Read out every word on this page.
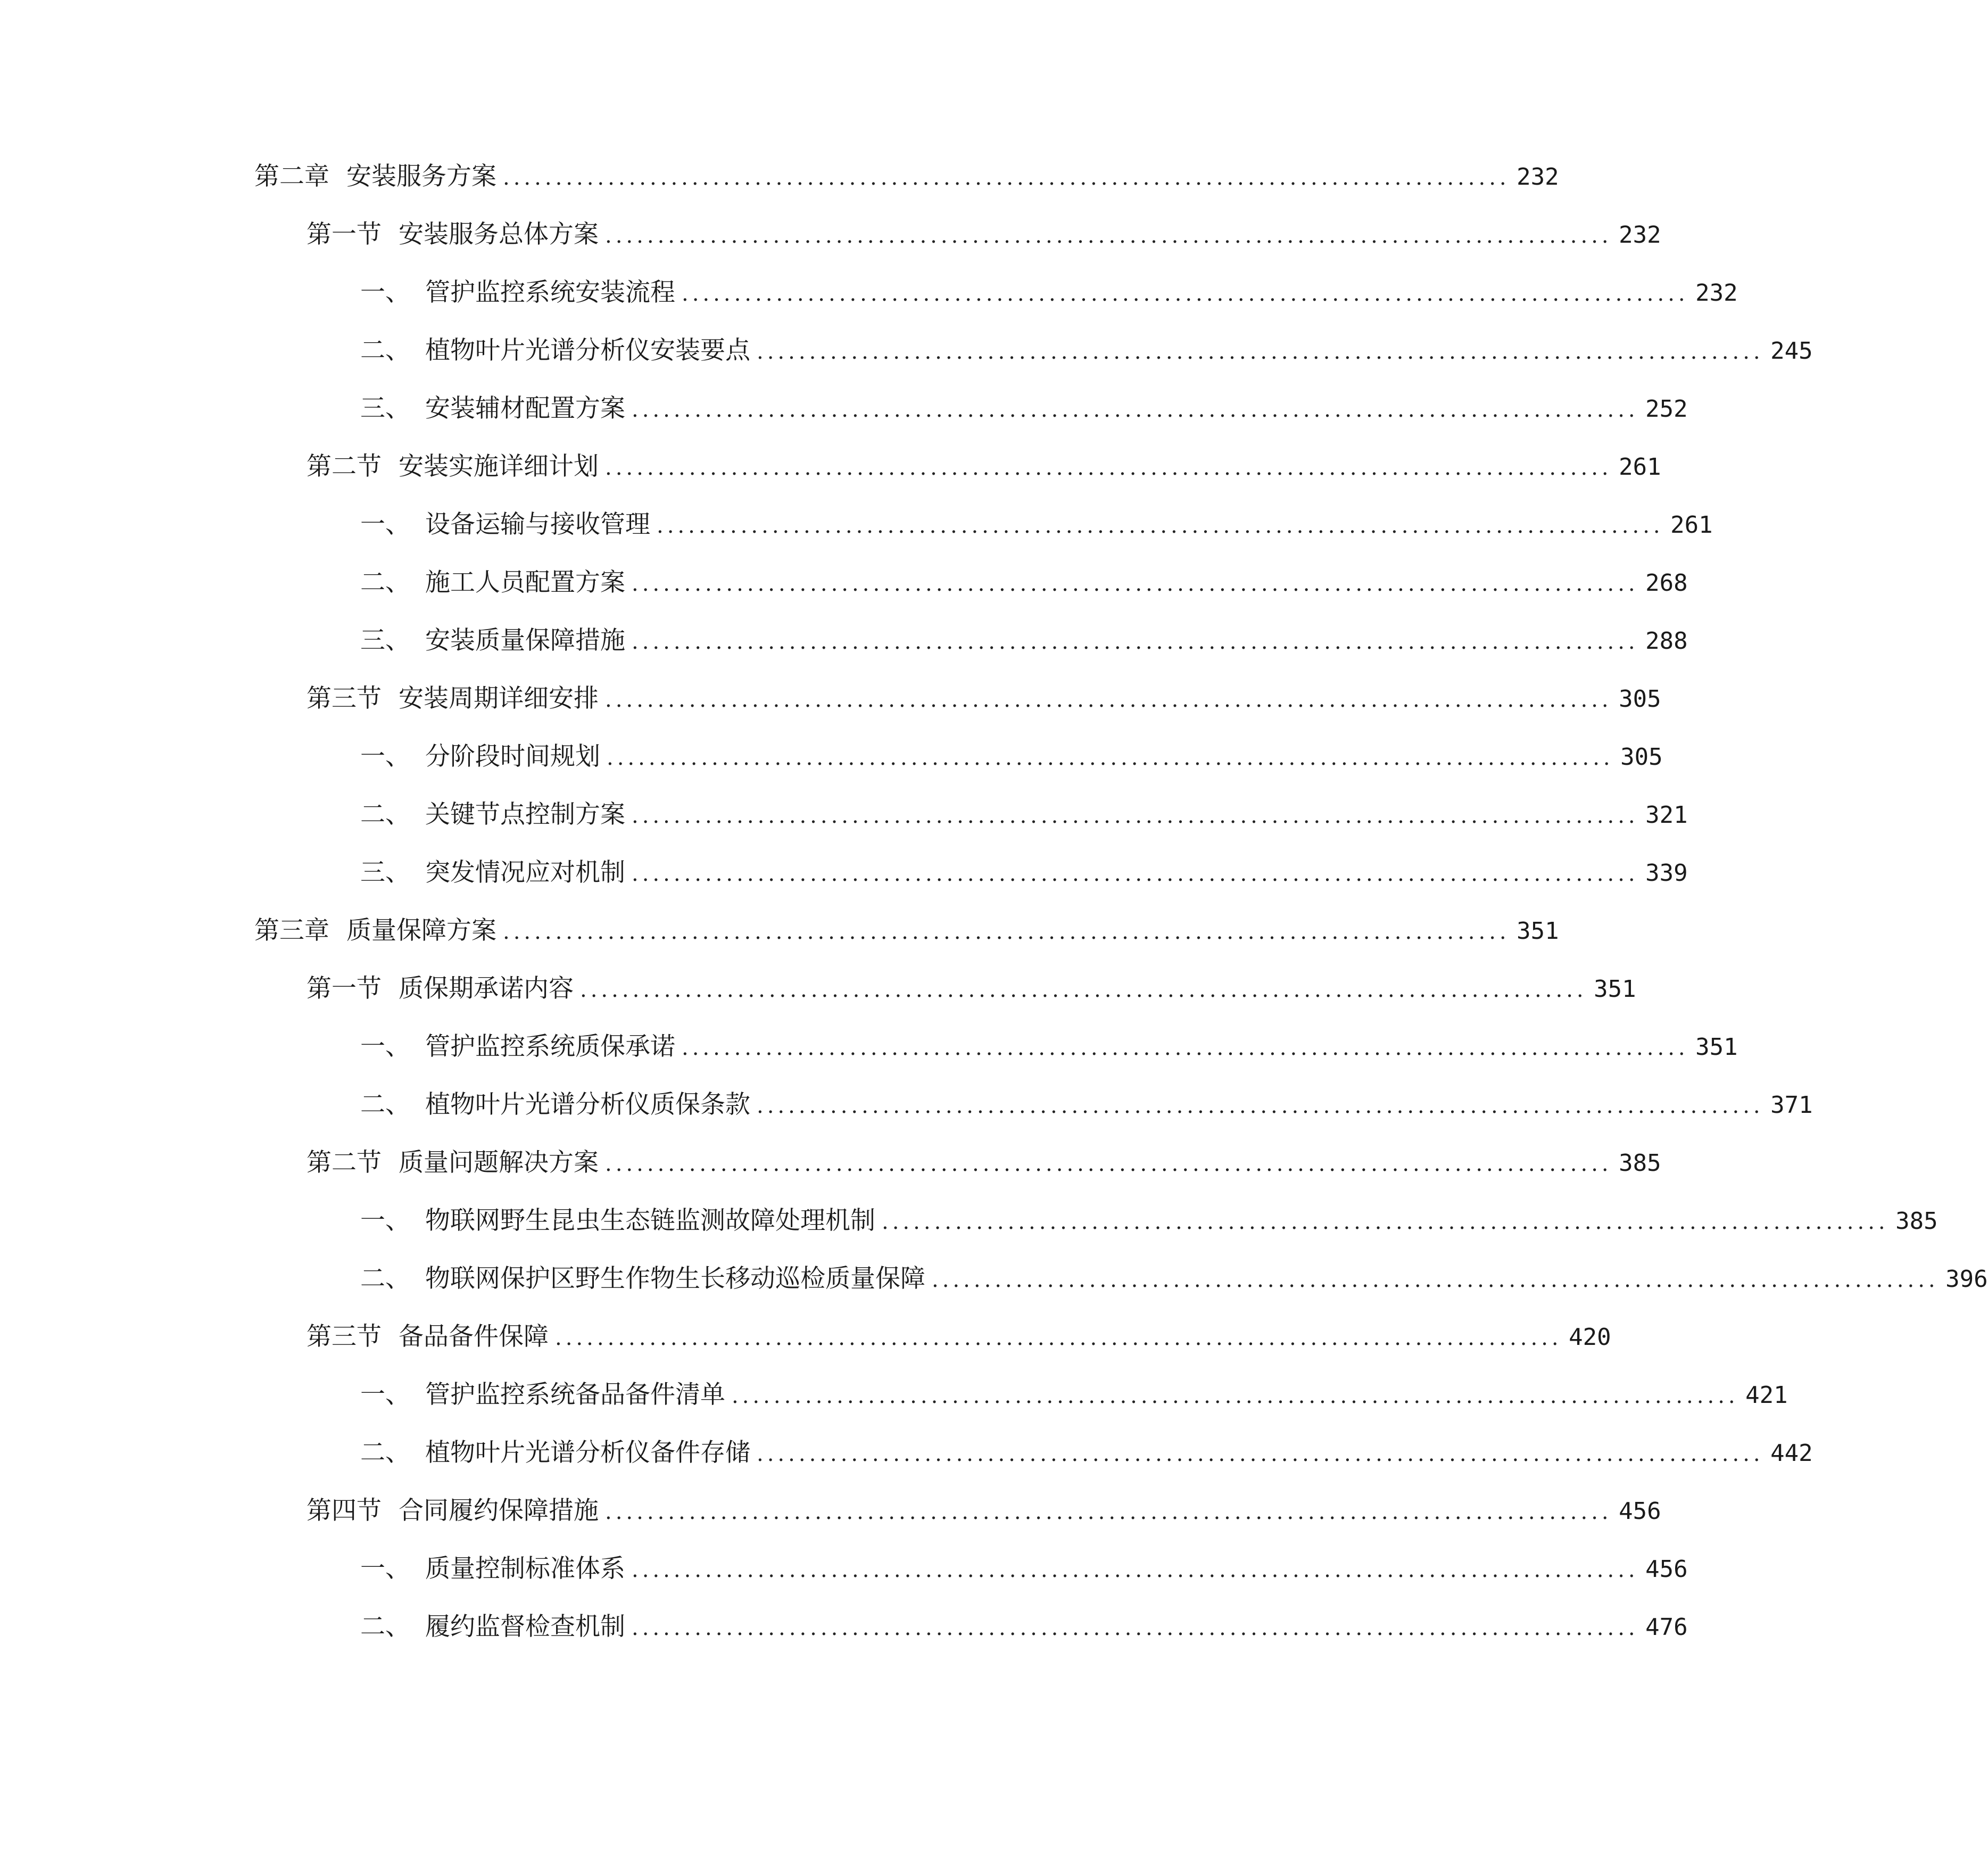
第二章 安装服务方案 ................................................................................................ 232
第一节 安装服务总体方案 ................................................................................................ 232
一、 管护监控系统安装流程 ................................................................................................ 232
二、 植物叶片光谱分析仪安装要点 ................................................................................................ 245
三、 安装辅材配置方案 ................................................................................................ 252
第二节 安装实施详细计划 ................................................................................................ 261
一、 设备运输与接收管理 ................................................................................................ 261
二、 施工人员配置方案 ................................................................................................ 268
三、 安装质量保障措施 ................................................................................................ 288
第三节 安装周期详细安排 ................................................................................................ 305
一、 分阶段时间规划 ................................................................................................ 305
二、 关键节点控制方案 ................................................................................................ 321
三、 突发情况应对机制 ................................................................................................ 339
第三章 质量保障方案 ................................................................................................ 351
第一节 质保期承诺内容 ................................................................................................ 351
一、 管护监控系统质保承诺 ................................................................................................ 351
二、 植物叶片光谱分析仪质保条款 ................................................................................................ 371
第二节 质量问题解决方案 ................................................................................................ 385
一、 物联网野生昆虫生态链监测故障处理机制 ................................................................................................ 385
二、 物联网保护区野生作物生长移动巡检质量保障 ................................................................................................ 396
第三节 备品备件保障 ................................................................................................ 420
一、 管护监控系统备品备件清单 ................................................................................................ 421
二、 植物叶片光谱分析仪备件存储 ................................................................................................ 442
第四节 合同履约保障措施 ................................................................................................ 456
一、 质量控制标准体系 ................................................................................................ 456
二、 履约监督检查机制 ................................................................................................ 476
